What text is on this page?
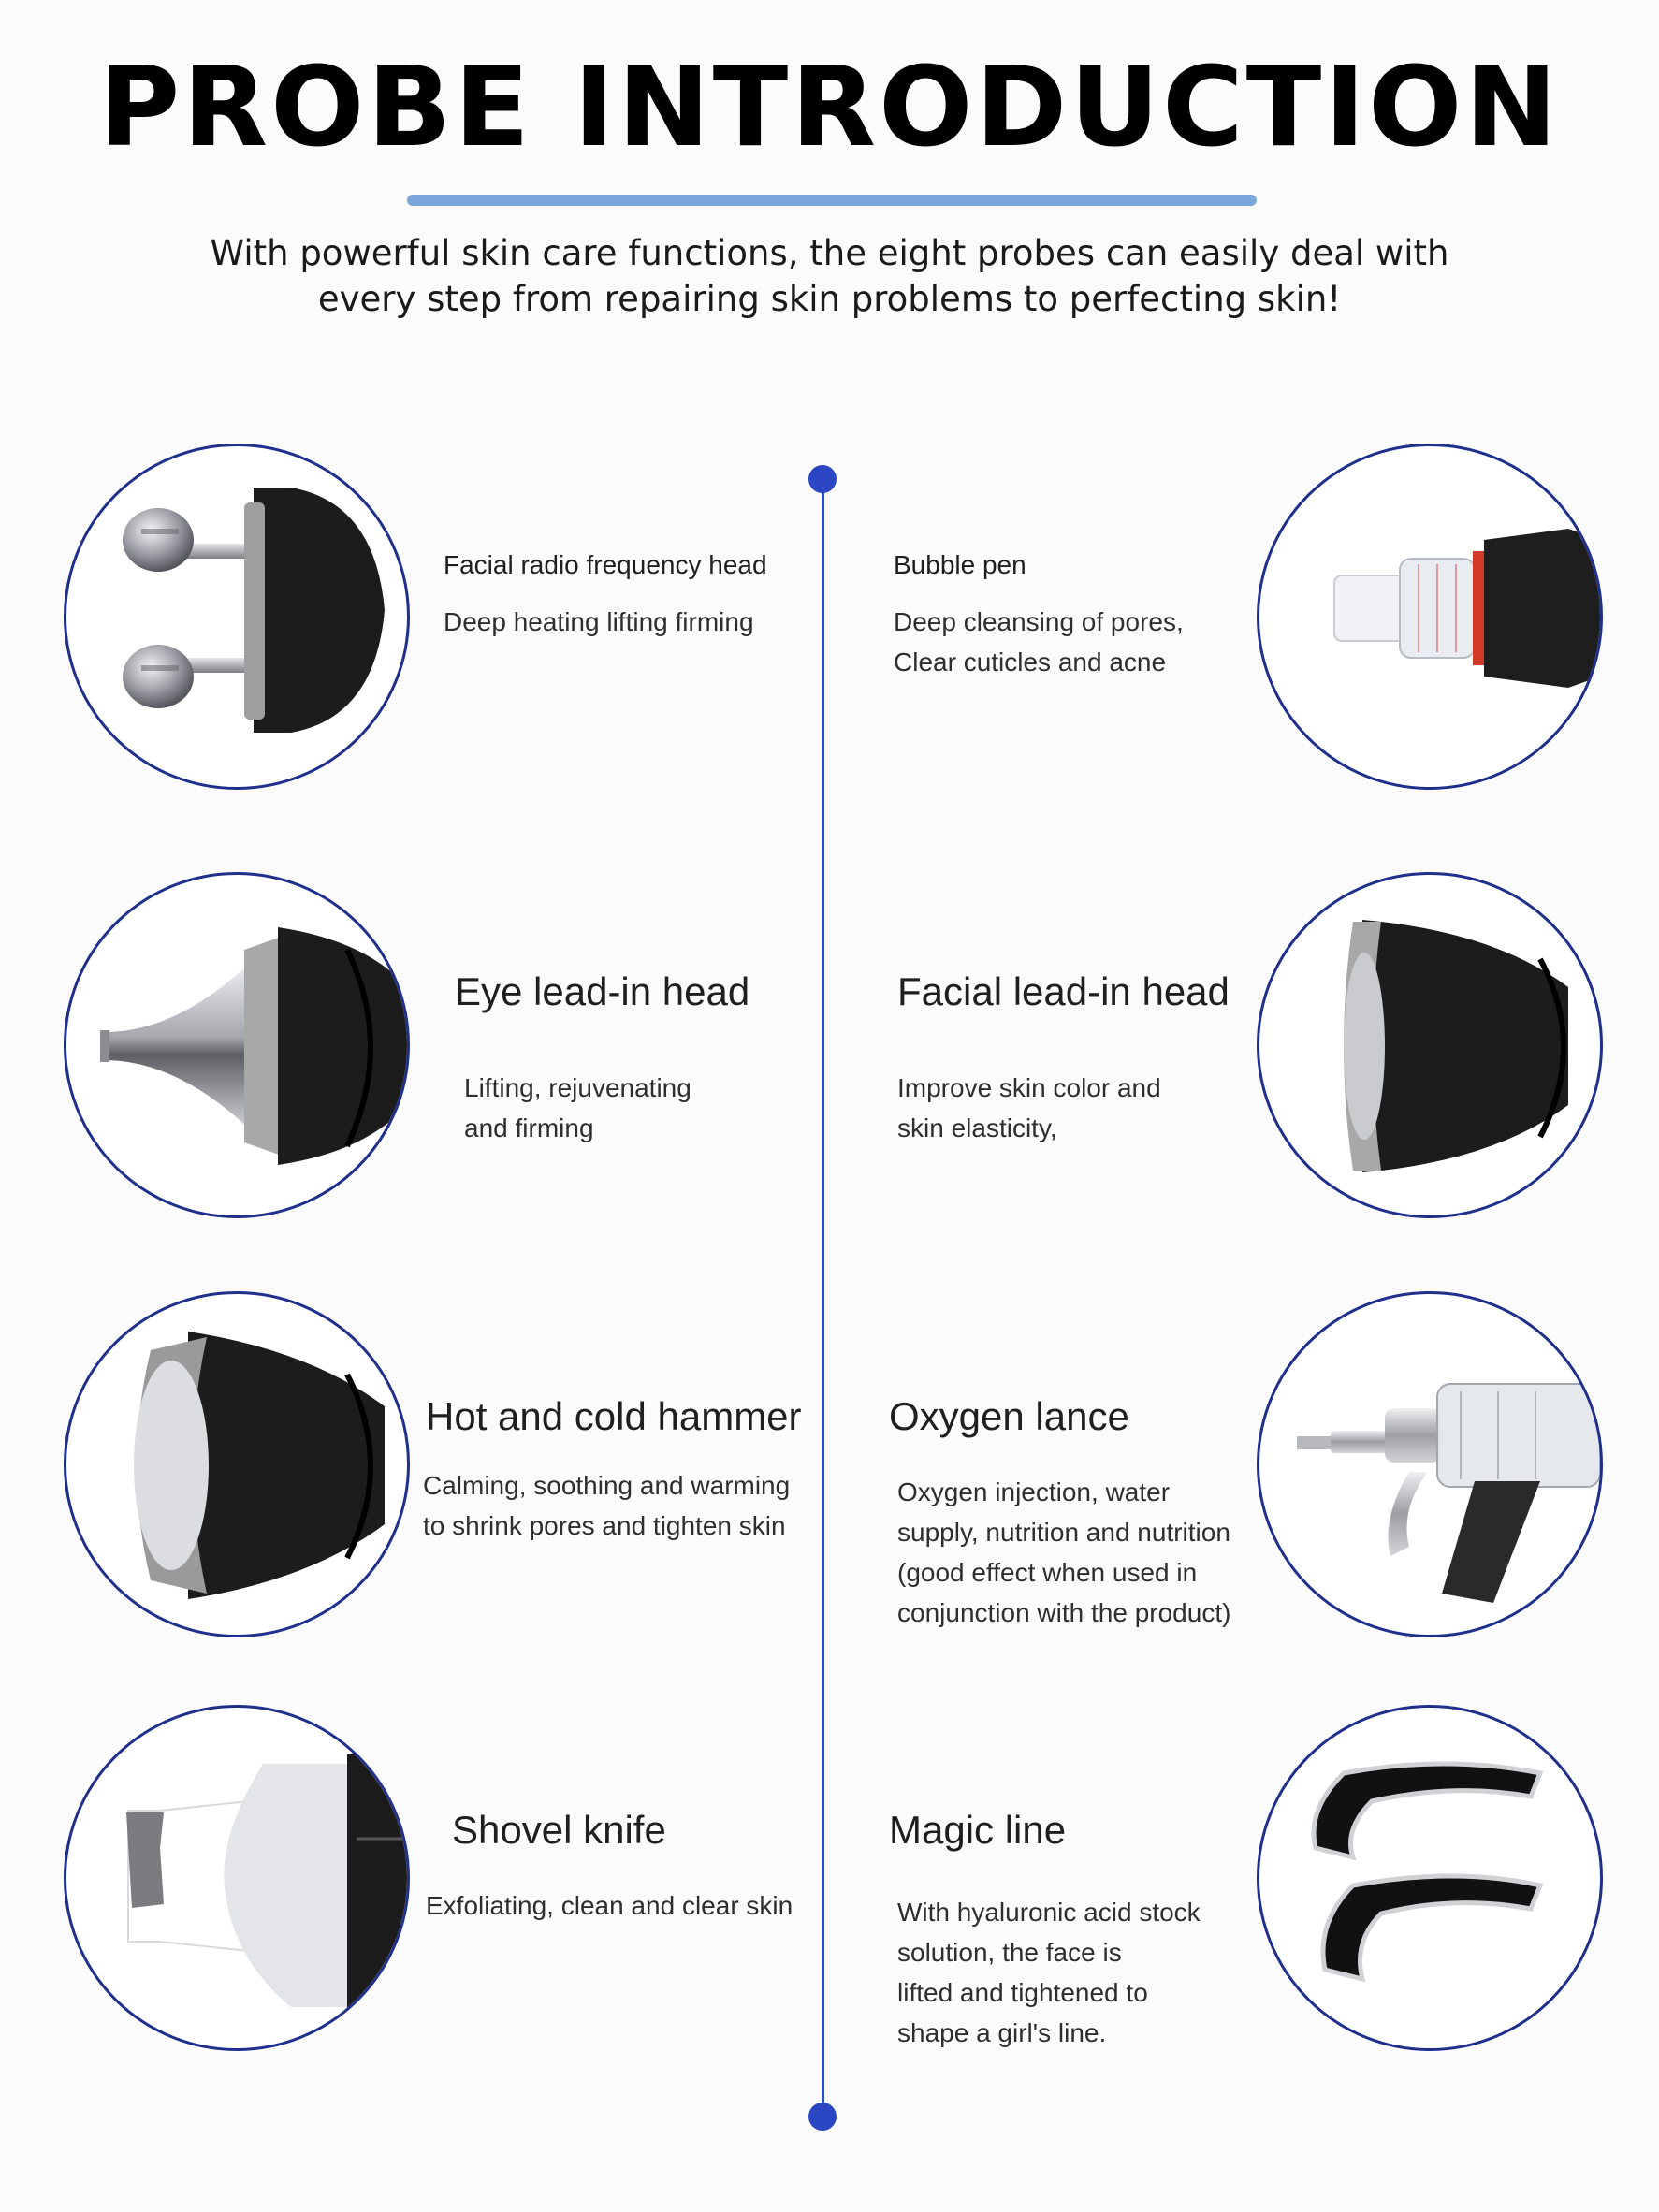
PROBE INTRODUCTION
With powerful skin care functions, the eight probes can easily deal with
every step from repairing skin problems to perfecting skin!
Facial radio frequency head
Deep heating lifting firming
Bubble pen
Deep cleansing of pores,
Clear cuticles and acne
Eye lead-in head
Lifting, rejuvenating
and firming
Facial lead-in head
Improve skin color and
skin elasticity,
Hot and cold hammer
Calming, soothing and warming
to shrink pores and tighten skin
Oxygen lance
Oxygen injection, water
supply, nutrition and nutrition
(good effect when used in
conjunction with the product)
Shovel knife
Exfoliating, clean and clear skin
Magic line
With hyaluronic acid stock
solution, the face is
lifted and tightened to
shape a girl's line.
